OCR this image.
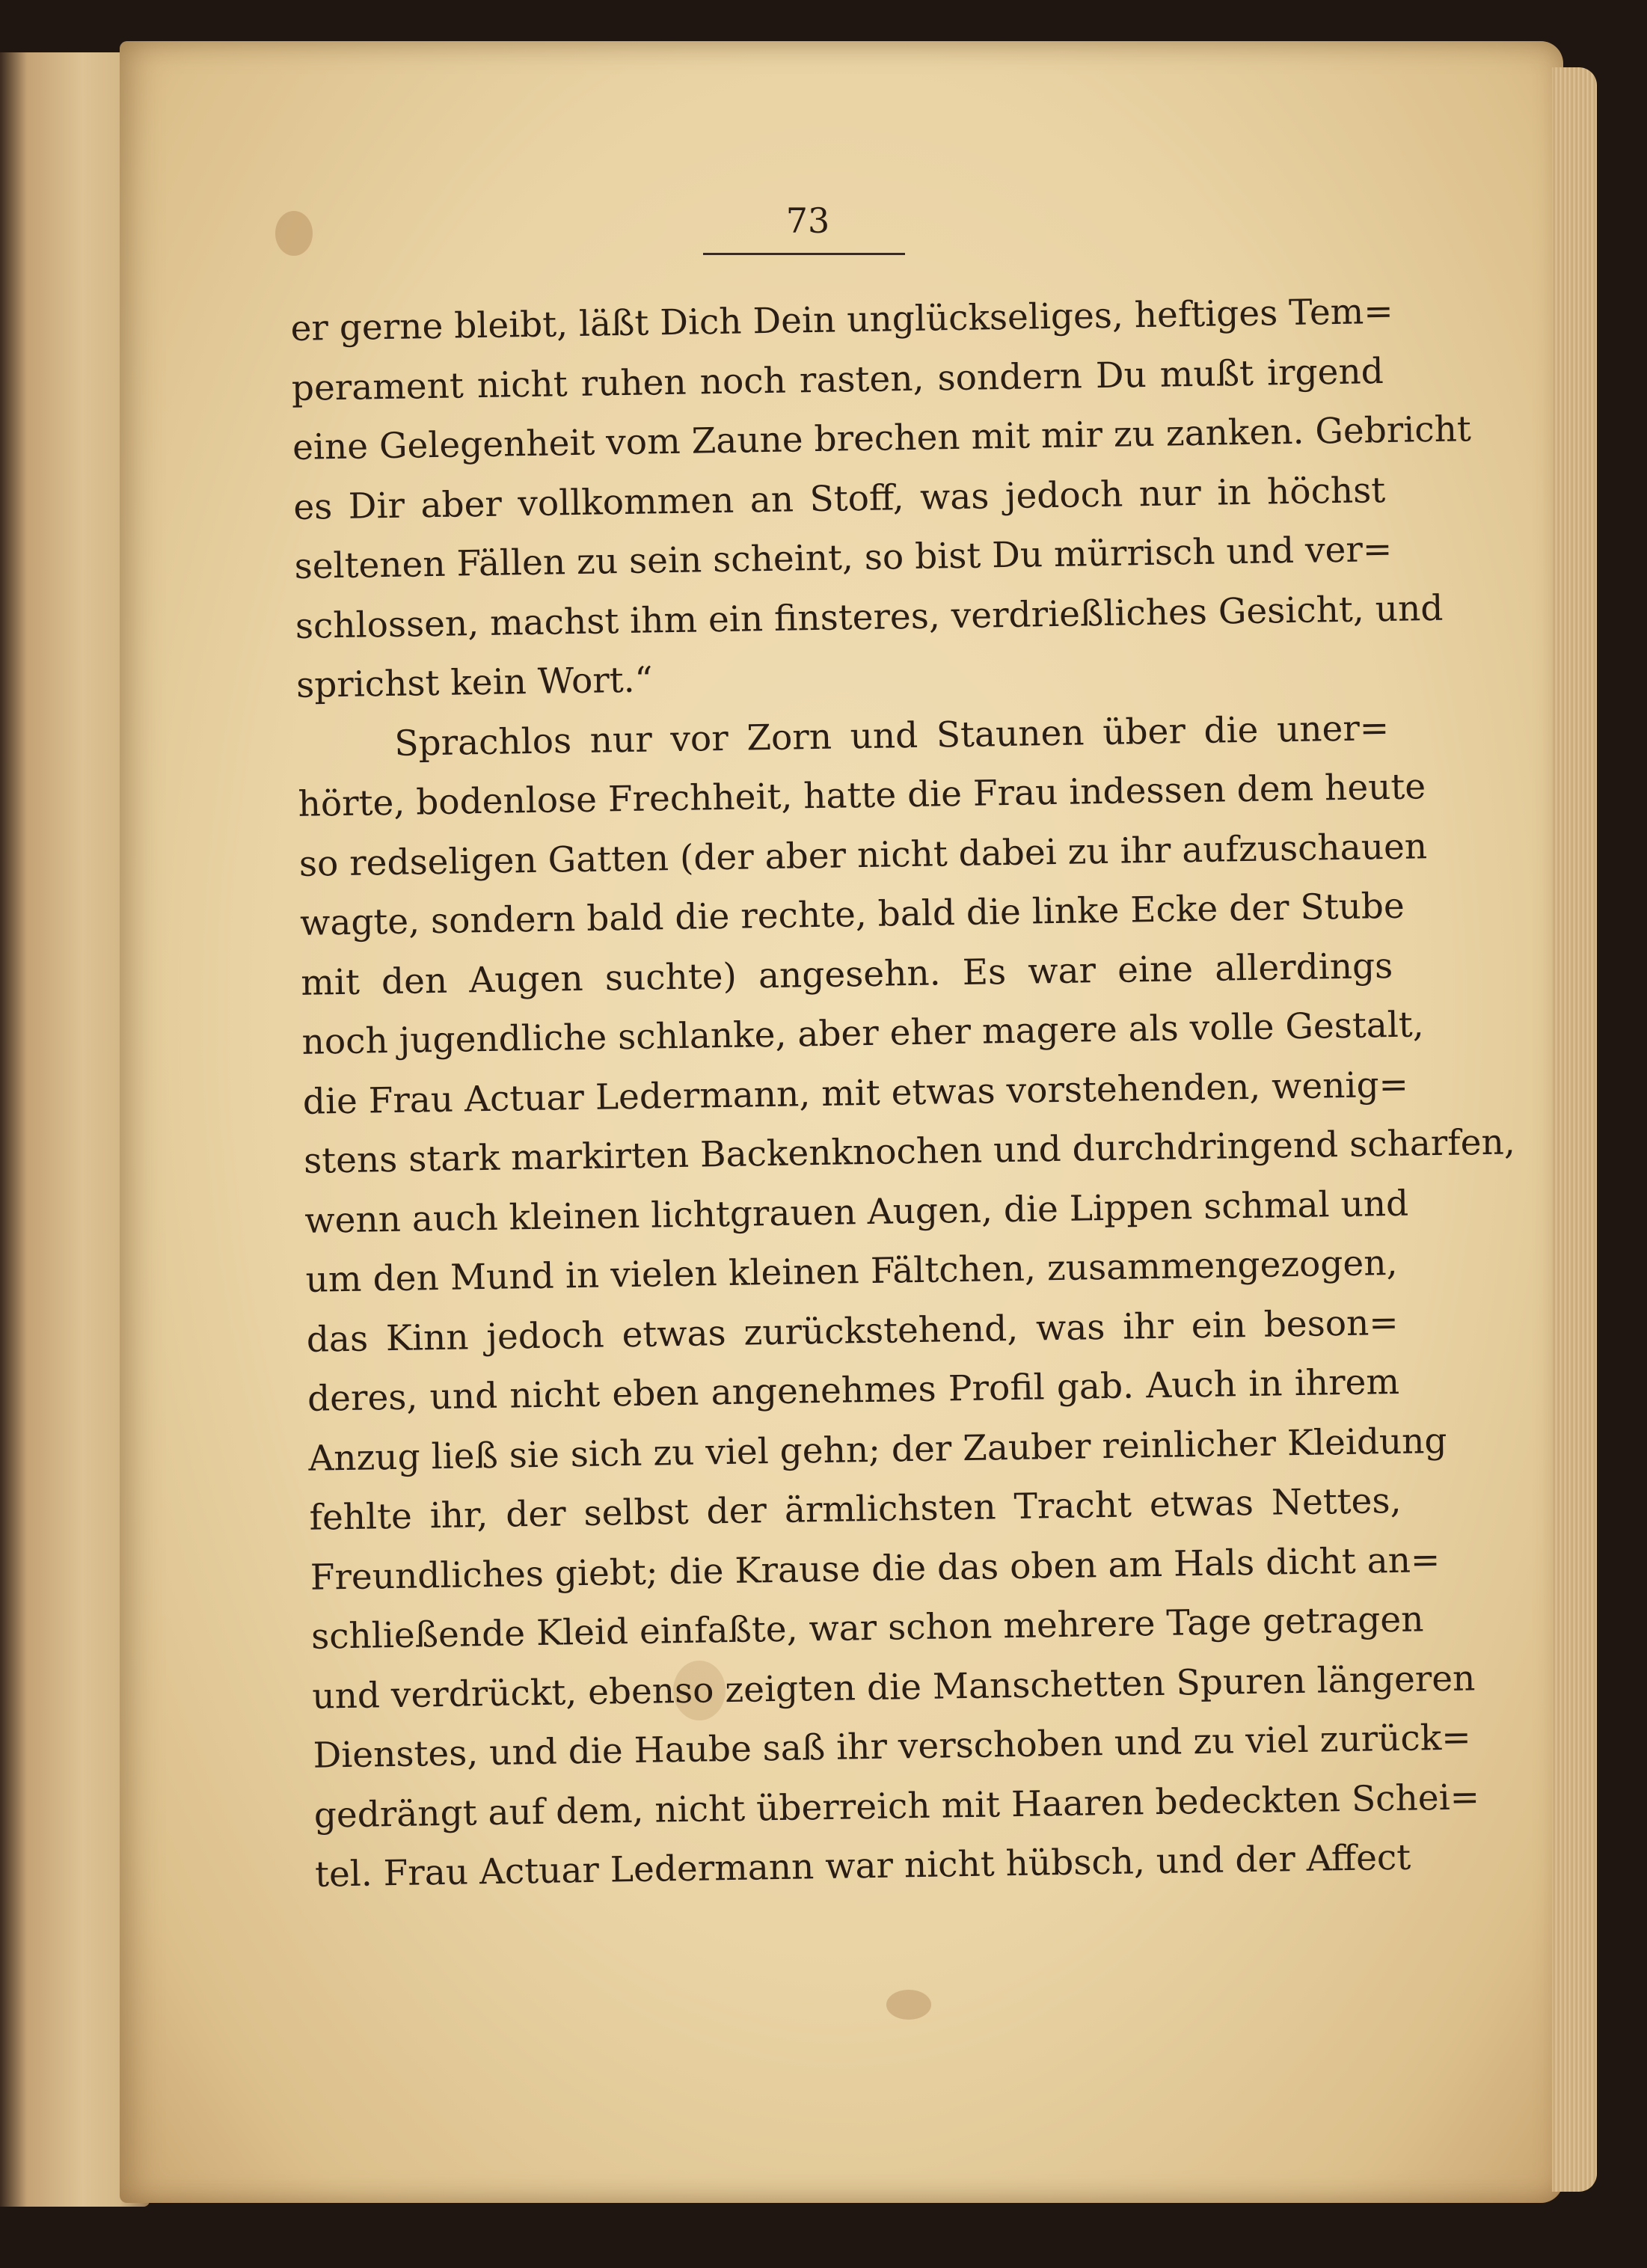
73
er gerne bleibt, läßt Dich Dein unglückseliges, heftiges Tem=
perament nicht ruhen noch rasten, sondern Du mußt irgend
eine Gelegenheit vom Zaune brechen mit mir zu zanken. Gebricht
es Dir aber vollkommen an Stoff, was jedoch nur in höchst
seltenen Fällen zu sein scheint, so bist Du mürrisch und ver=
schlossen, machst ihm ein finsteres, verdrießliches Gesicht, und
sprichst kein Wort.“
Sprachlos nur vor Zorn und Staunen über die uner=
hörte, bodenlose Frechheit, hatte die Frau indessen dem heute
so redseligen Gatten (der aber nicht dabei zu ihr aufzuschauen
wagte, sondern bald die rechte, bald die linke Ecke der Stube
mit den Augen suchte) angesehn. Es war eine allerdings
noch jugendliche schlanke, aber eher magere als volle Gestalt,
die Frau Actuar Ledermann, mit etwas vorstehenden, wenig=
stens stark markirten Backenknochen und durchdringend scharfen,
wenn auch kleinen lichtgrauen Augen, die Lippen schmal und
um den Mund in vielen kleinen Fältchen, zusammengezogen,
das Kinn jedoch etwas zurückstehend, was ihr ein beson=
deres, und nicht eben angenehmes Profil gab. Auch in ihrem
Anzug ließ sie sich zu viel gehn; der Zauber reinlicher Kleidung
fehlte ihr, der selbst der ärmlichsten Tracht etwas Nettes,
Freundliches giebt; die Krause die das oben am Hals dicht an=
schließende Kleid einfaßte, war schon mehrere Tage getragen
und verdrückt, ebenso zeigten die Manschetten Spuren längeren
Dienstes, und die Haube saß ihr verschoben und zu viel zurück=
gedrängt auf dem, nicht überreich mit Haaren bedeckten Schei=
tel. Frau Actuar Ledermann war nicht hübsch, und der Affect
